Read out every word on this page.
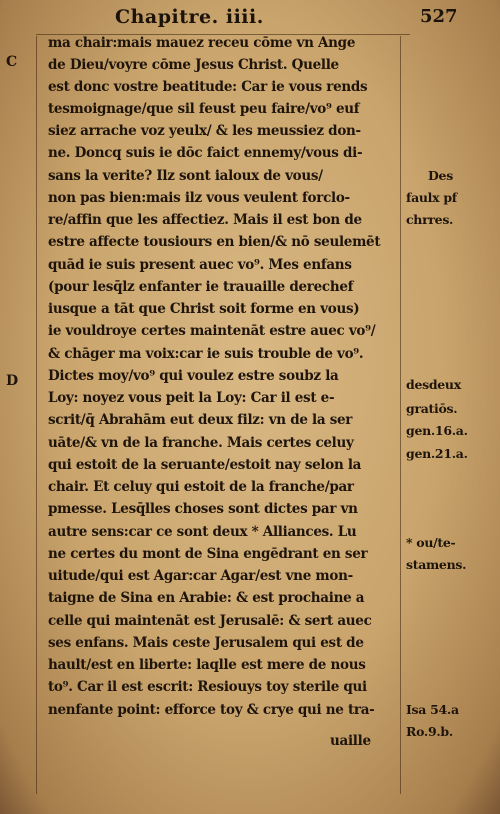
Chapitre. iiii.	527
C
D
ma chair:mais mauez receu cōme vn Ange
de Dieu/voyre cōme Jesus Christ. Quelle
est donc vostre beatitude: Car ie vous rends
tesmoignage/que sil feust peu faire/vo⁹ euf
siez arrache voz yeulx/ & les meussiez don-
ne. Doncq suis ie dōc faict ennemy/vous di-
sans la verite? Ilz sont ialoux de vous/
non pas bien:mais ilz vous veulent forclo-
re/affin que les affectiez. Mais il est bon de
estre affecte tousiours en bien/& nō seulemēt
quād ie suis present auec vo⁹. Mes enfans
(pour lesq̄lz enfanter ie trauaille derechef
iusque a tāt que Christ soit forme en vous)
ie vouldroye certes maintenāt estre auec vo⁹/
& chāger ma voix:car ie suis trouble de vo⁹.
Dictes moy/vo⁹ qui voulez estre soubz la
Loy: noyez vous peit la Loy: Car il est e-
scrit/q̄ Abrahām eut deux filz: vn de la ser
uāte/& vn de la franche. Mais certes celuy
qui estoit de la seruante/estoit nay selon la
chair. Et celuy qui estoit de la franche/par
pmesse. Lesq̄lles choses sont dictes par vn
autre sens:car ce sont deux * Alliances. Lu
ne certes du mont de Sina engēdrant en ser
uitude/qui est Agar:car Agar/est vne mon-
taigne de Sina en Arabie: & est prochaine a
celle qui maintenāt est Jerusalē: & sert auec
ses enfans. Mais ceste Jerusalem qui est de
hault/est en liberte: laqlle est mere de nous
to⁹. Car il est escrit: Resiouys toy sterile qui
nenfante point: efforce toy & crye qui ne tra-
uaille
Des
faulx pf
chrres.
desdeux
gratiōs.
gen.16.a.
gen.21.a.
* ou/te-
stamens.
Isa 54.a
Ro.9.b.
